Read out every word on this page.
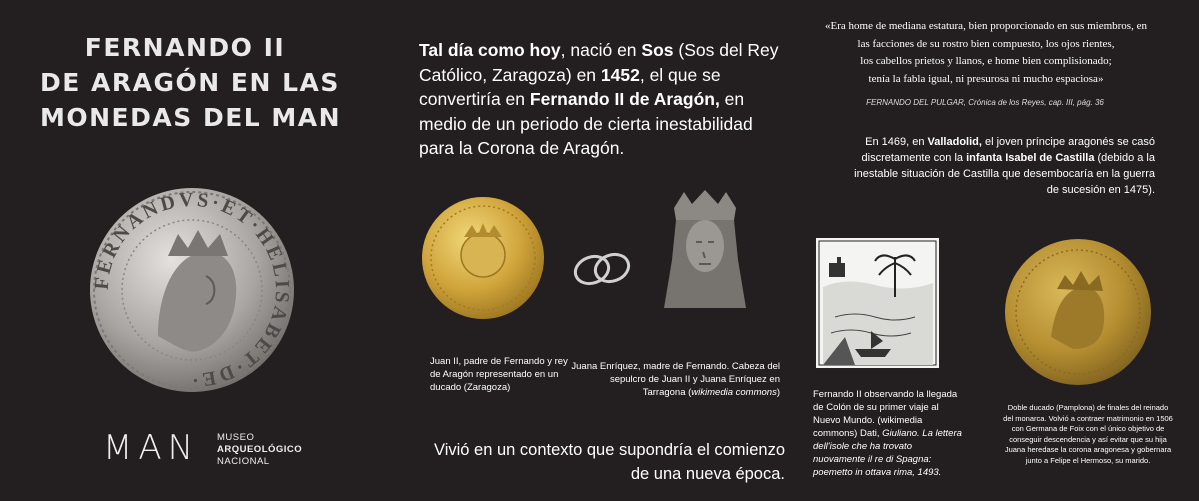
FERNANDO II
DE ARAGÓN EN LAS
MONEDAS DEL MAN
FERNANDVS·ET·HELISABET·DE·
MAN MUSEO
ARQUEOLÓGICO
NACIONAL
Tal día como hoy, nació en Sos (Sos del Rey Católico, Zaragoza) en 1452, el que se convertiría en Fernando II de Aragón, en medio de un periodo de cierta inestabilidad para la Corona de Aragón.
Juan II, padre de Fernando y rey de Aragón representado en un ducado (Zaragoza)
Juana Enríquez, madre de Fernando. Cabeza del sepulcro de Juan II y Juana Enríquez en Tarragona (wikimedia commons)
Vivió en un contexto que supondría el comienzo
de una nueva época.
«Era home de mediana estatura, bien proporcionado en sus miembros, en
las facciones de su rostro bien compuesto, los ojos rientes,
los cabellos prietos y llanos, e home bien complisionado;
tenía la fabla igual, ni presurosa ni mucho espaciosa»
FERNANDO DEL PULGAR, Crónica de los Reyes, cap. III, pág. 36
En 1469, en Valladolid, el joven príncipe aragonés se casó discretamente con la infanta Isabel de Castilla (debido a la inestable situación de Castilla que desembocaría en la guerra de sucesión en 1475).
Fernando II observando la llegada de Colón de su primer viaje al Nuevo Mundo. (wikimedia commons) Dati, Giuliano. La lettera dell'isole che ha trovato nuovamente il re di Spagna: poemetto in ottava rima, 1493.
Doble ducado (Pamplona) de finales del reinado del monarca. Volvió a contraer matrimonio en 1506 con Germana de Foix con el único objetivo de conseguir descendencia y así evitar que su hija Juana heredase la corona aragonesa y gobernara junto a Felipe el Hermoso, su marido.
